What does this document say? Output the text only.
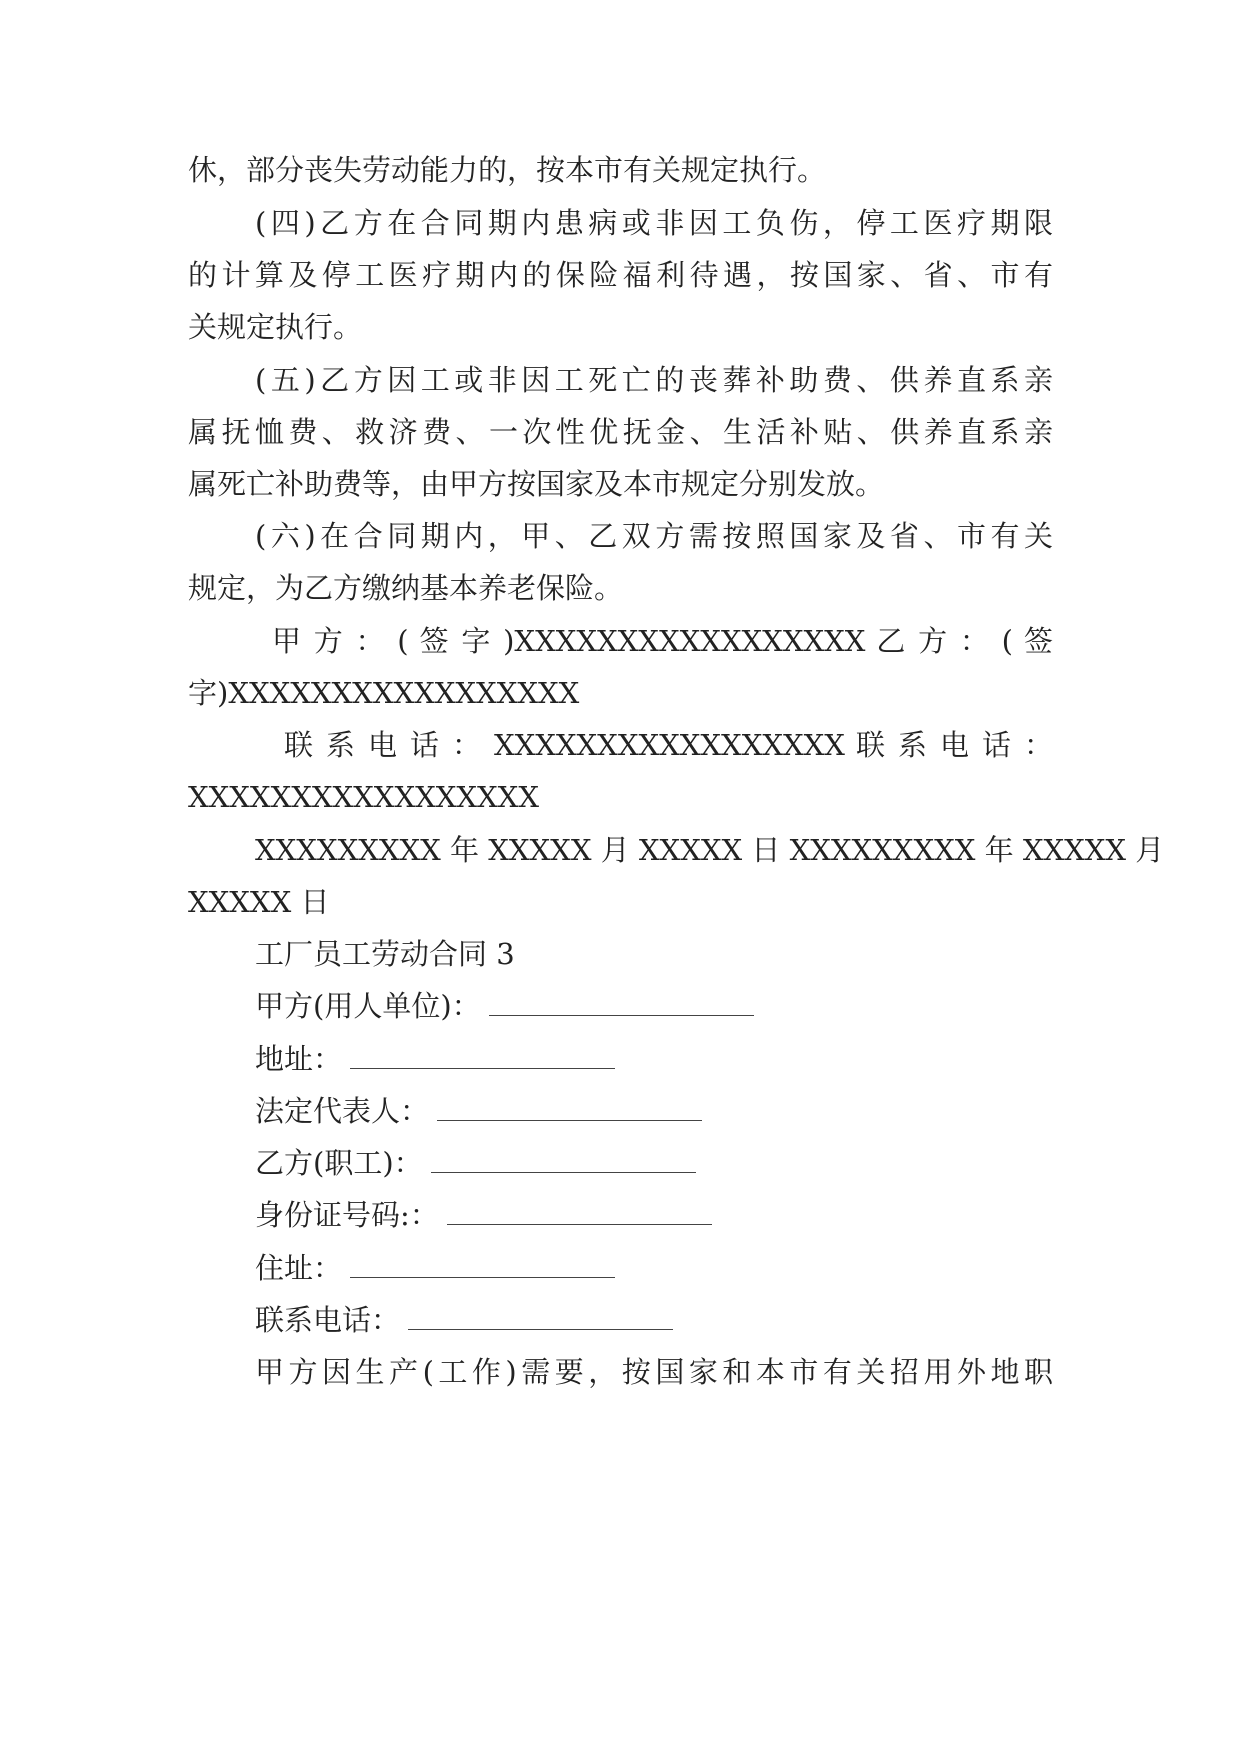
休，部分丧失劳动能力的，按本市有关规定执行。
(四)乙方在合同期内患病或非因工负伤，停工医疗期限
的计算及停工医疗期内的保险福利待遇，按国家、省、市有
关规定执行。
(五)乙方因工或非因工死亡的丧葬补助费、供养直系亲
属抚恤费、救济费、一次性优抚金、生活补贴、供养直系亲
属死亡补助费等，由甲方按国家及本市规定分别发放。
(六)在合同期内，甲、乙双方需按照国家及省、市有关
规定，为乙方缴纳基本养老保险。
甲 方 ： ( 签 字 )XXXXXXXXXXXXXXXXX 乙 方 ： ( 签
字)XXXXXXXXXXXXXXXXX
联 系 电 话 ： XXXXXXXXXXXXXXXXX 联 系 电 话 ：
XXXXXXXXXXXXXXXXX
XXXXXXXXX 年 XXXXX 月 XXXXX 日 XXXXXXXXX 年 XXXXX 月
XXXXX 日
工厂员工劳动合同 3
甲方(用人单位)：
地址：
法定代表人：
乙方(职工)：
身份证号码:：
住址：
联系电话：
甲方因生产(工作)需要，按国家和本市有关招用外地职
